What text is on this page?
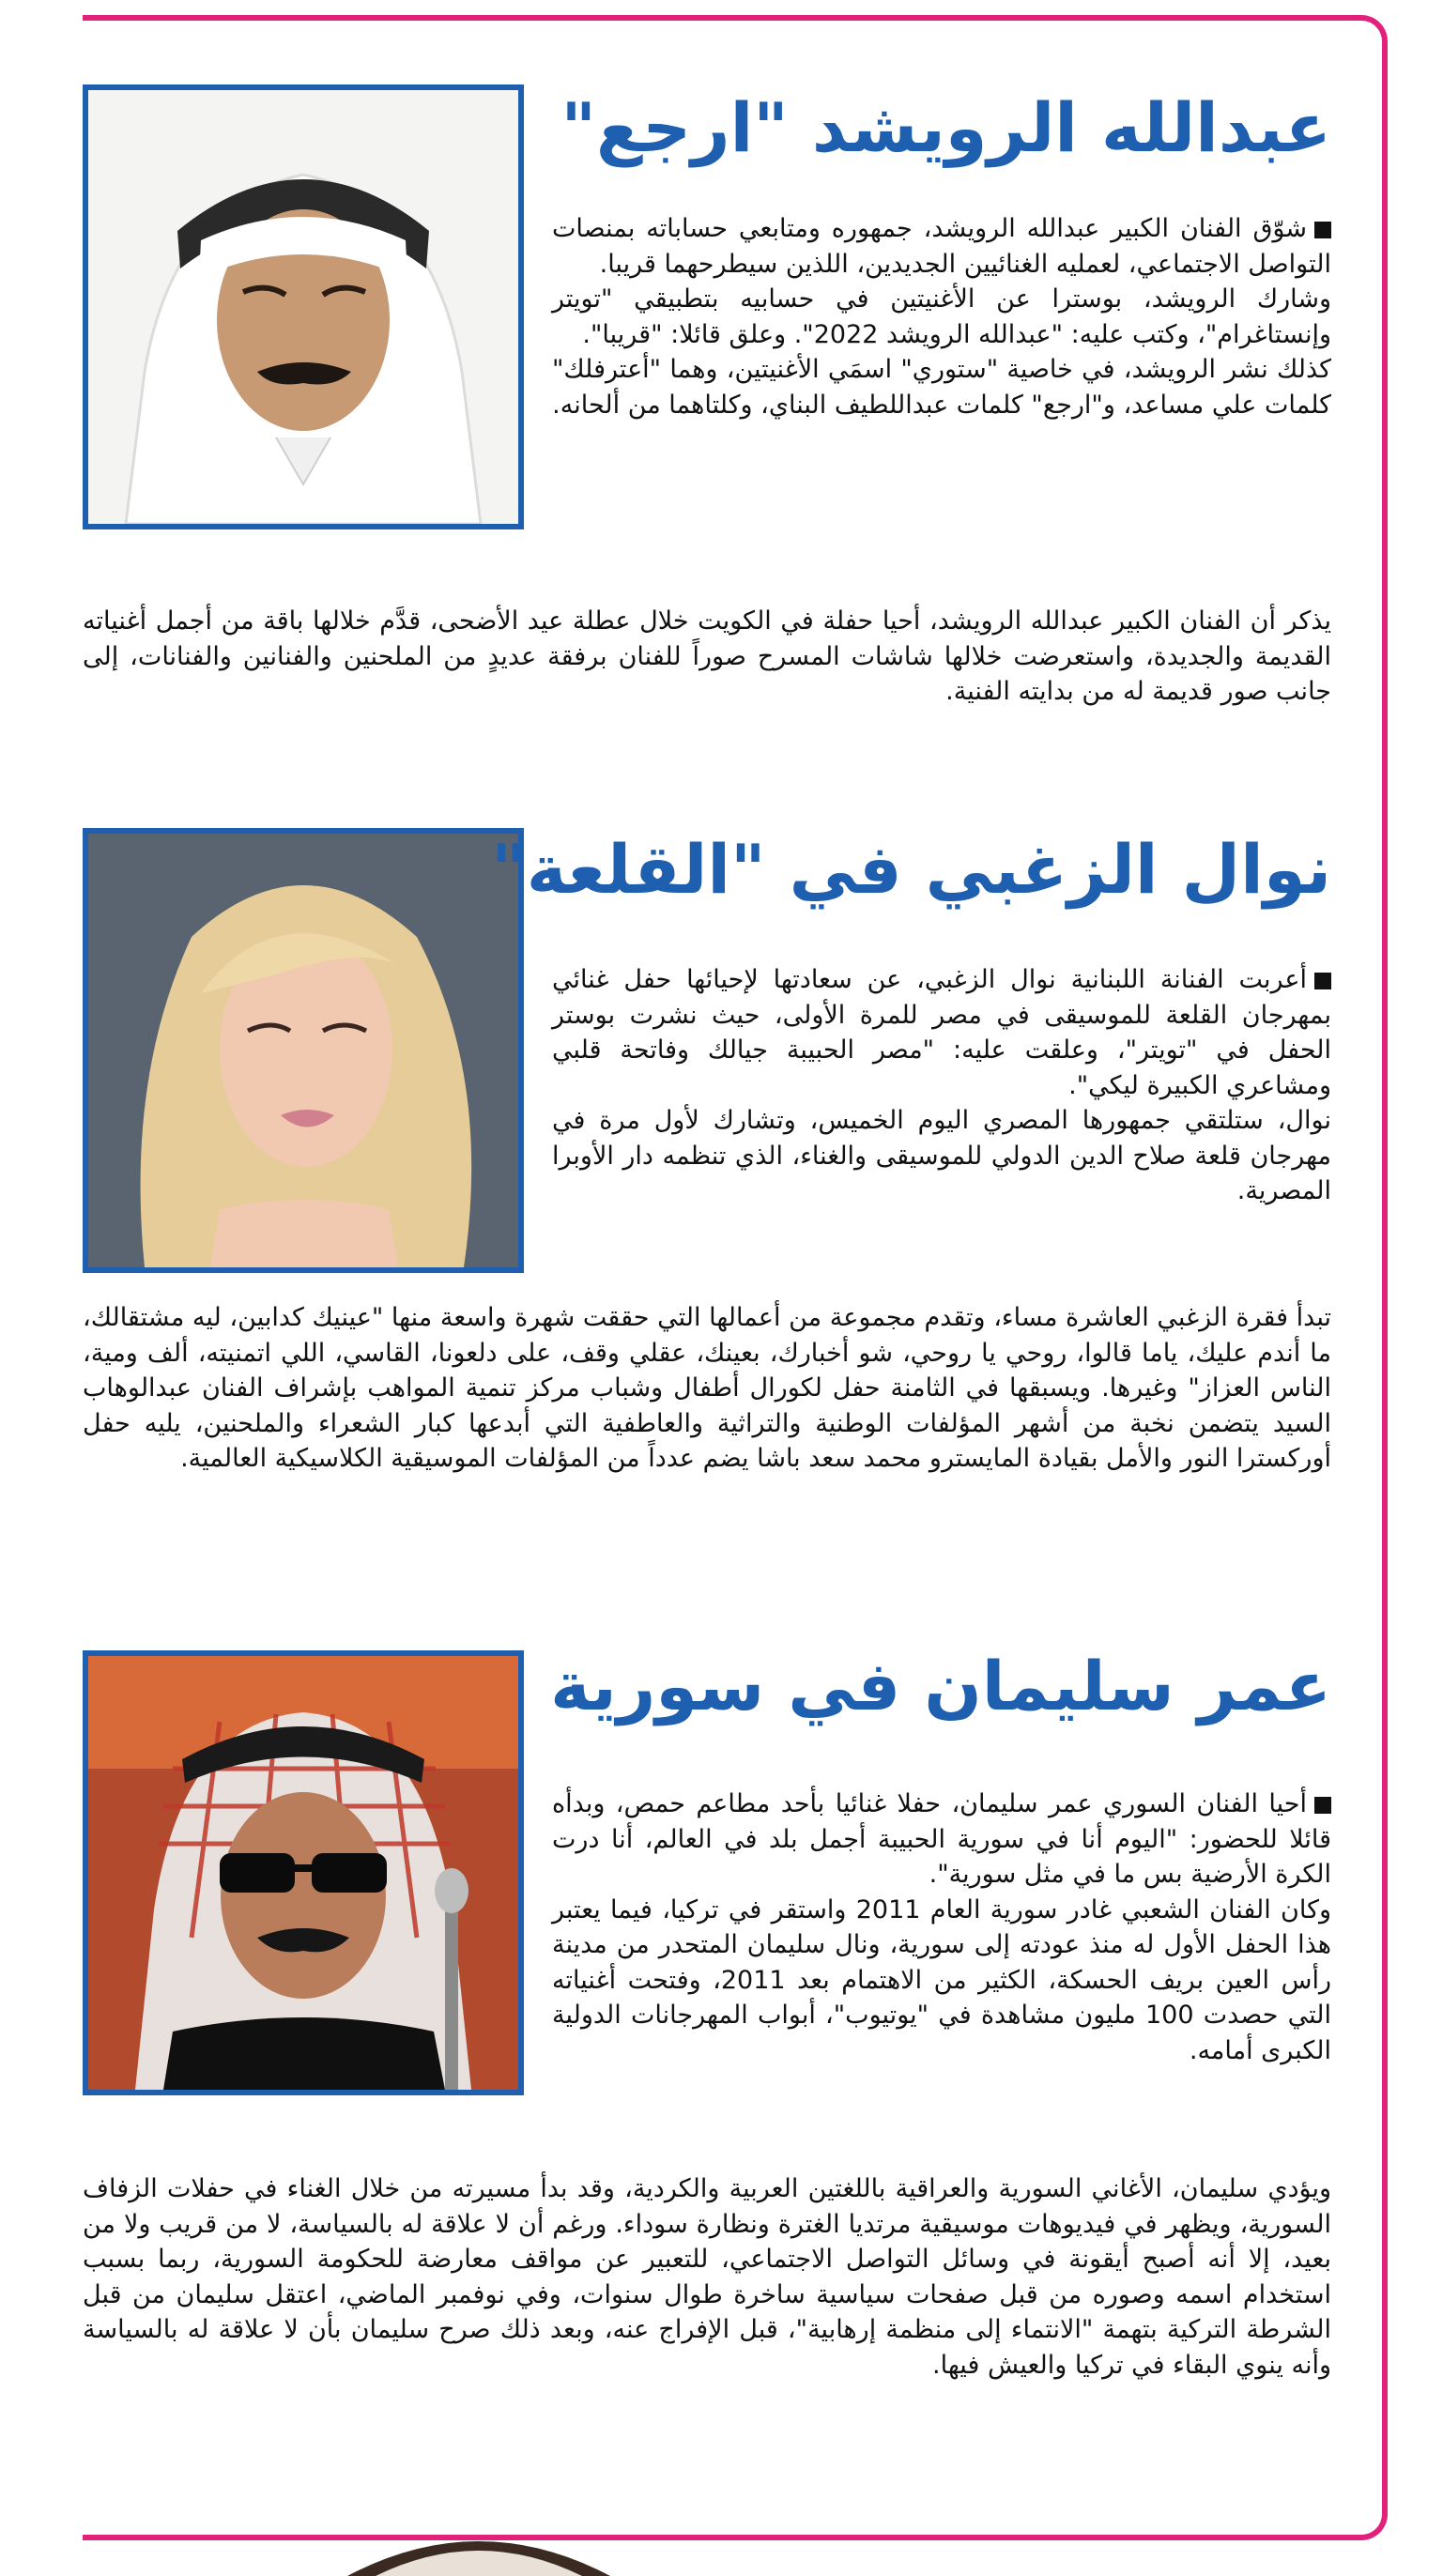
عبدالله الرويشد "ارجع"

شوّق الفنان الكبير عبدالله الرويشد، جمهوره ومتابعي حساباته بمنصات التواصل الاجتماعي، لعمليه الغنائيين الجديدين، اللذين سيطرحهما قريبا.

وشارك الرويشد، بوسترا عن الأغنيتين في حسابيه بتطبيقي "تويتر وإنستاغرام"، وكتب عليه: "عبدالله الرويشد 2022". وعلق قائلا: "قريبا".

كذلك نشر الرويشد، في خاصية "ستوري" اسمَي الأغنيتين، وهما "أعترفلك" كلمات علي مساعد، و"ارجع" كلمات عبداللطيف البناي، وكلتاهما من ألحانه.

يذكر أن الفنان الكبير عبدالله الرويشد، أحيا حفلة في الكويت خلال عطلة عيد الأضحى، قدَّم خلالها باقة من أجمل أغنياته القديمة والجديدة، واستعرضت خلالها شاشات المسرح صوراً للفنان برفقة عديدٍ من الملحنين والفنانين والفنانات، إلى جانب صور قديمة له من بدايته الفنية.

نوال الزغبي في "القلعة"

أعربت الفنانة اللبنانية نوال الزغبي، عن سعادتها لإحيائها حفل غنائي بمهرجان القلعة للموسيقى في مصر للمرة الأولى، حيث نشرت بوستر الحفل في "تويتر"، وعلقت عليه: "مصر الحبيبة جيالك وفاتحة قلبي ومشاعري الكبيرة ليكي".

نوال، ستلتقي جمهورها المصري اليوم الخميس، وتشارك لأول مرة في مهرجان قلعة صلاح الدين الدولي للموسيقى والغناء، الذي تنظمه دار الأوبرا المصرية.

تبدأ فقرة الزغبي العاشرة مساء، وتقدم مجموعة من أعمالها التي حققت شهرة واسعة منها "عينيك كدابين، ليه مشتقالك، ما أندم عليك، ياما قالوا، روحي يا روحي، شو أخبارك، بعينك، عقلي وقف، على دلعونا، القاسي، اللي اتمنيته، ألف ومية، الناس العزاز" وغيرها. ويسبقها في الثامنة حفل لكورال أطفال وشباب مركز تنمية المواهب بإشراف الفنان عبدالوهاب السيد يتضمن نخبة من أشهر المؤلفات الوطنية والتراثية والعاطفية التي أبدعها كبار الشعراء والملحنين، يليه حفل أوركسترا النور والأمل بقيادة المايسترو محمد سعد باشا يضم عدداً من المؤلفات الموسيقية الكلاسيكية العالمية.

عمر سليمان في سورية

أحيا الفنان السوري عمر سليمان، حفلا غنائيا بأحد مطاعم حمص، وبدأه قائلا للحضور: "اليوم أنا في سورية الحبيبة أجمل بلد في العالم، أنا درت الكرة الأرضية بس ما في مثل سورية".

وكان الفنان الشعبي غادر سورية العام 2011 واستقر في تركيا، فيما يعتبر هذا الحفل الأول له منذ عودته إلى سورية، ونال سليمان المتحدر من مدينة رأس العين بريف الحسكة، الكثير من الاهتمام بعد 2011، وفتحت أغنياته التي حصدت 100 مليون مشاهدة في "يوتيوب"، أبواب المهرجانات الدولية الكبرى أمامه.

ويؤدي سليمان، الأغاني السورية والعراقية باللغتين العربية والكردية، وقد بدأ مسيرته من خلال الغناء في حفلات الزفاف السورية، ويظهر في فيديوهات موسيقية مرتديا الغترة ونظارة سوداء. ورغم أن لا علاقة له بالسياسة، لا من قريب ولا من بعيد، إلا أنه أصبح أيقونة في وسائل التواصل الاجتماعي، للتعبير عن مواقف معارضة للحكومة السورية، ربما بسبب استخدام اسمه وصوره من قبل صفحات سياسية ساخرة طوال سنوات، وفي نوفمبر الماضي، اعتقل سليمان من قبل الشرطة التركية بتهمة "الانتماء إلى منظمة إرهابية"، قبل الإفراج عنه، وبعد ذلك صرح سليمان بأن لا علاقة له بالسياسة وأنه ينوي البقاء في تركيا والعيش فيها.
